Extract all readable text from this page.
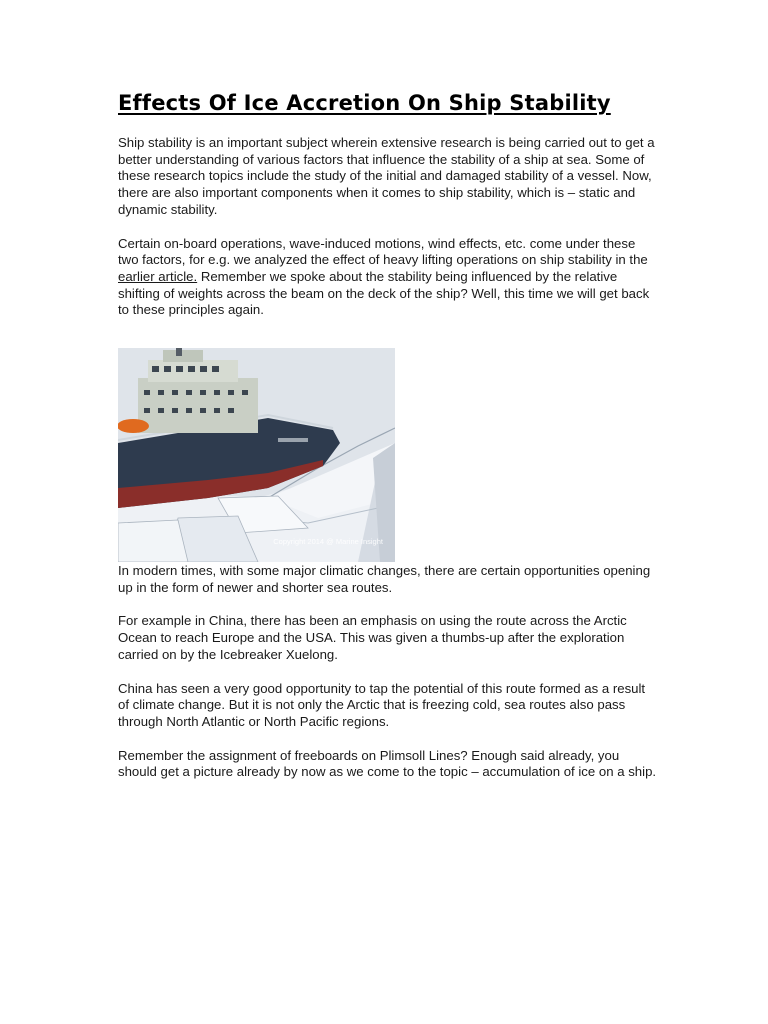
Effects Of Ice Accretion On Ship Stability

Ship stability is an important subject wherein extensive research is being carried out to get a better understanding of various factors that influence the stability of a ship at sea. Some of these research topics include the study of the initial and damaged stability of a vessel. Now, there are also important components when it comes to ship stability, which is – static and dynamic stability.

Certain on-board operations, wave-induced motions, wind effects, etc. come under these two factors, for e.g. we analyzed the effect of heavy lifting operations on ship stability in the earlier article. Remember we spoke about the stability being influenced by the relative shifting of weights across the beam on the deck of the ship? Well, this time we will get back to these principles again.

Copyright 2014 @ Marine Insight

In modern times, with some major climatic changes, there are certain opportunities opening up in the form of newer and shorter sea routes.

For example in China, there has been an emphasis on using the route across the Arctic Ocean to reach Europe and the USA. This was given a thumbs-up after the exploration carried on by the Icebreaker Xuelong.

China has seen a very good opportunity to tap the potential of this route formed as a result of climate change. But it is not only the Arctic that is freezing cold, sea routes also pass through North Atlantic or North Pacific regions.

Remember the assignment of freeboards on Plimsoll Lines? Enough said already, you should get a picture already by now as we come to the topic – accumulation of ice on a ship.
